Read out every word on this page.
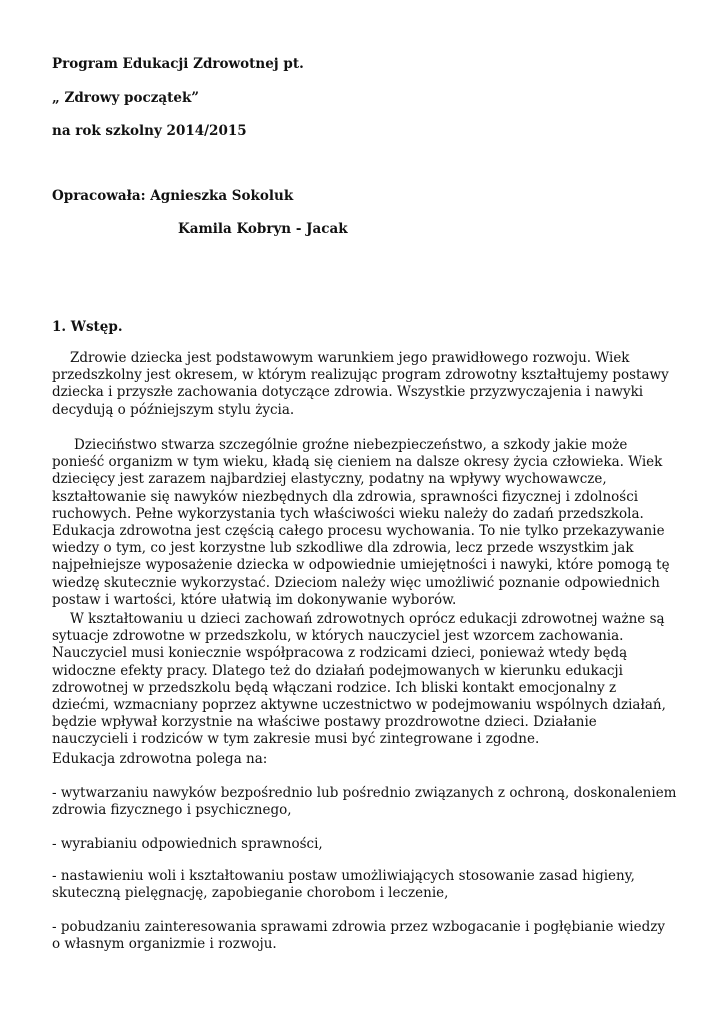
Program Edukacji Zdrowotnej pt.

„ Zdrowy początek”

na rok szkolny 2014/2015

Opracowała: Agnieszka Sokoluk

Kamila Kobryn - Jacak

1. Wstęp.

Zdrowie dziecka jest podstawowym warunkiem jego prawidłowego rozwoju. Wiek przedszkolny jest okresem, w którym realizując program zdrowotny kształtujemy postawy dziecka i przyszłe zachowania dotyczące zdrowia. Wszystkie przyzwyczajenia i nawyki decydują o późniejszym stylu życia.

Dzieciństwo stwarza szczególnie groźne niebezpieczeństwo, a szkody jakie może ponieść organizm w tym wieku, kładą się cieniem na dalsze okresy życia człowieka. Wiek dziecięcy jest zarazem najbardziej elastyczny, podatny na wpływy wychowawcze, kształtowanie się nawyków niezbędnych dla zdrowia, sprawności fizycznej i zdolności ruchowych. Pełne wykorzystania tych właściwości wieku należy do zadań przedszkola. Edukacja zdrowotna jest częścią całego procesu wychowania. To nie tylko przekazywanie wiedzy o tym, co jest korzystne lub szkodliwe dla zdrowia, lecz przede wszystkim jak najpełniejsze wyposażenie dziecka w odpowiednie umiejętności i nawyki, które pomogą tę wiedzę skutecznie wykorzystać. Dzieciom należy więc umożliwić poznanie odpowiednich postaw i wartości, które ułatwią im dokonywanie wyborów.

W kształtowaniu u dzieci zachowań zdrowotnych oprócz edukacji zdrowotnej ważne są sytuacje zdrowotne w przedszkolu, w których nauczyciel jest wzorcem zachowania. Nauczyciel musi koniecznie współpracowa z rodzicami dzieci, ponieważ wtedy będą widoczne efekty pracy. Dlatego też do działań podejmowanych w kierunku edukacji zdrowotnej w przedszkolu będą włączani rodzice. Ich bliski kontakt emocjonalny z dziećmi, wzmacniany poprzez aktywne uczestnictwo w podejmowaniu wspólnych działań, będzie wpływał korzystnie na właściwe postawy prozdrowotne dzieci. Działanie nauczycieli i rodziców w tym zakresie musi być zintegrowane i zgodne.

Edukacja zdrowotna polega na:

- wytwarzaniu nawyków bezpośrednio lub pośrednio związanych z ochroną, doskonaleniem zdrowia fizycznego i psychicznego,

- wyrabianiu odpowiednich sprawności,

- nastawieniu woli i kształtowaniu postaw umożliwiających stosowanie zasad higieny, skuteczną pielęgnację, zapobieganie chorobom i leczenie,

- pobudzaniu zainteresowania sprawami zdrowia przez wzbogacanie i pogłębianie wiedzy o własnym organizmie i rozwoju.
